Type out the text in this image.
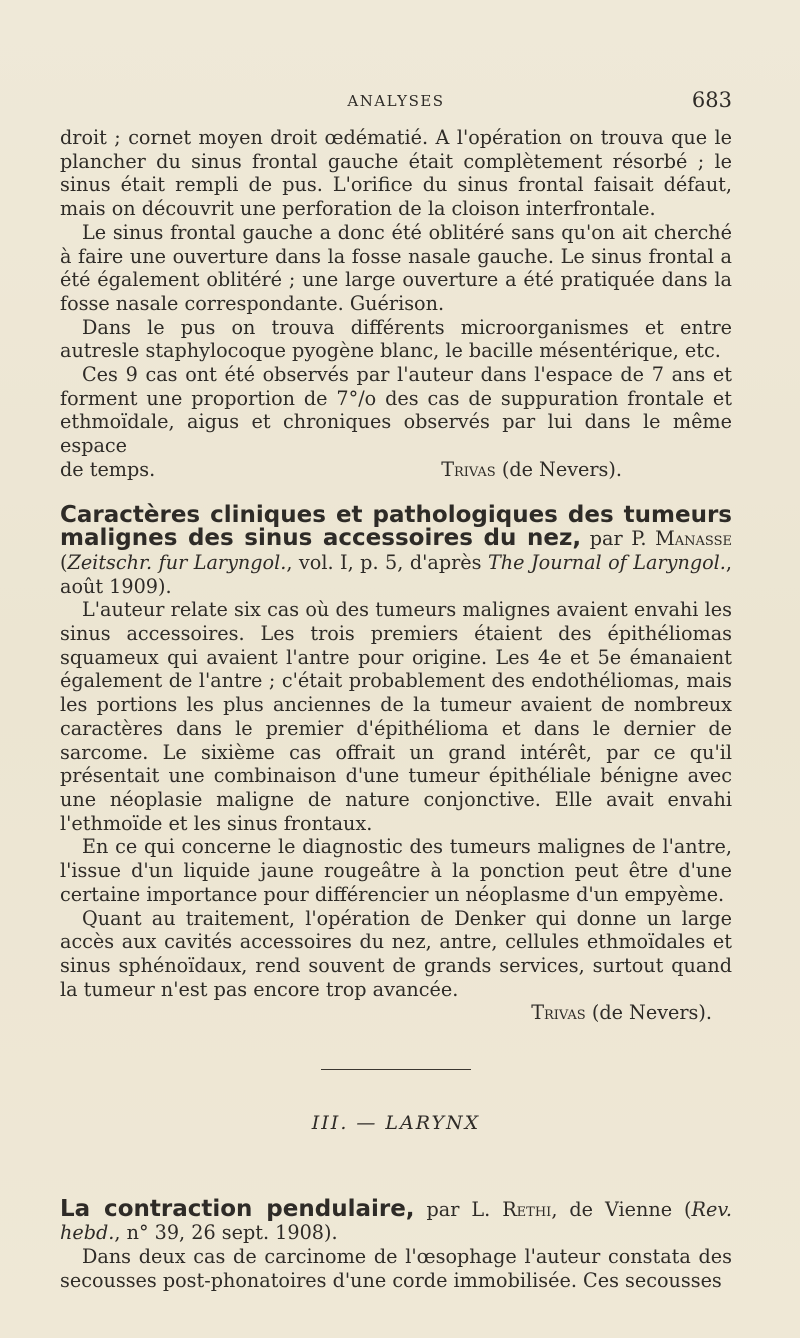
ANALYSES	683

droit ; cornet moyen droit œdématié. A l'opération on trouva que le plancher du sinus frontal gauche était complètement résorbé ; le sinus était rempli de pus. L'orifice du sinus frontal faisait défaut, mais on découvrit une perforation de la cloison interfrontale.

Le sinus frontal gauche a donc été oblitéré sans qu'on ait cherché à faire une ouverture dans la fosse nasale gauche. Le sinus frontal a été également oblitéré ; une large ouverture a été pratiquée dans la fosse nasale correspondante. Guérison.

Dans le pus on trouva différents microorganismes et entre autresle staphylocoque pyogène blanc, le bacille mésentérique, etc.

Ces 9 cas ont été observés par l'auteur dans l'espace de 7 ans et forment une proportion de 7°/o des cas de suppuration frontale et ethmoïdale, aigus et chroniques observés par lui dans le même espace

de temps.	Trivas (de Nevers).

Caractères cliniques et pathologiques des tumeurs malignes des sinus accessoires du nez, par P. Manasse (Zeitschr. fur Laryngol., vol. I, p. 5, d'après The Journal of Laryngol., août 1909).

L'auteur relate six cas où des tumeurs malignes avaient envahi les sinus accessoires. Les trois premiers étaient des épithéliomas squameux qui avaient l'antre pour origine. Les 4e et 5e émanaient également de l'antre ; c'était probablement des endothéliomas, mais les portions les plus anciennes de la tumeur avaient de nombreux caractères dans le premier d'épithélioma et dans le dernier de sarcome. Le sixième cas offrait un grand intérêt, par ce qu'il présentait une combinaison d'une tumeur épithéliale bénigne avec une néoplasie maligne de nature conjonctive. Elle avait envahi l'ethmoïde et les sinus frontaux.

En ce qui concerne le diagnostic des tumeurs malignes de l'antre, l'issue d'un liquide jaune rougeâtre à la ponction peut être d'une certaine importance pour différencier un néoplasme d'un empyème.

Quant au traitement, l'opération de Denker qui donne un large accès aux cavités accessoires du nez, antre, cellules ethmoïdales et sinus sphénoïdaux, rend souvent de grands services, surtout quand la tumeur n'est pas encore trop avancée.

Trivas (de Nevers).
III. — LARYNX

La contraction pendulaire, par L. Rethi, de Vienne (Rev. hebd., n° 39, 26 sept. 1908).

Dans deux cas de carcinome de l'œsophage l'auteur constata des secousses post-phonatoires d'une corde immobilisée. Ces secousses
